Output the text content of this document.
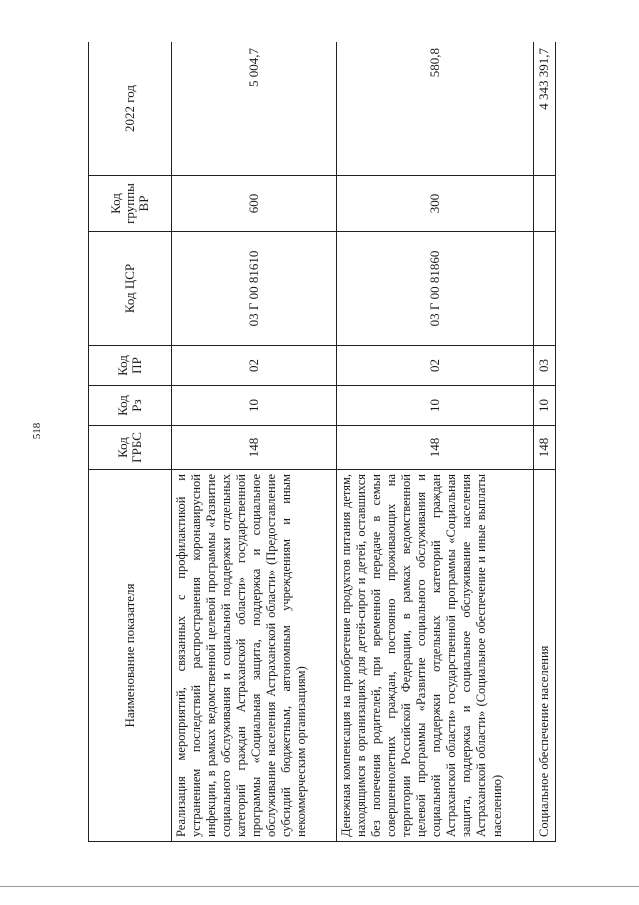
518
Наименование показателя	Код ГРБС	Код Рз	Код ПР	Код ЦСР	Код группы ВР	2022 год
Реализация мероприятий, связанных с профилактикой и устранением последствий распространения коронавирусной инфекции, в рамках ведомственной целевой программы «Развитие социального обслуживания и социальной поддержки отдельных категорий граждан Астраханской области» государственной программы «Социальная защита, поддержка и социальное обслуживание населения Астраханской области» (Предоставление субсидий бюджетным, автономным учреждениям и иным некоммерческим организациям)	148	10	02	03 Г 00 81610	600	5 004,7
Денежная компенсация на приобретение продуктов питания детям, находящимся в организациях для детей-сирот и детей, оставшихся без попечения родителей, при временной передаче в семьи совершеннолетних граждан, постоянно проживающих на территории Российской Федерации, в рамках ведомственной целевой программы «Развитие социального обслуживания и социальной поддержки отдельных категорий граждан Астраханской области» государственной программы «Социальная защита, поддержка и социальное обслуживание населения Астраханской области» (Социальное обеспечение и иные выплаты населению)	148	10	02	03 Г 00 81860	300	580,8
Социальное обеспечение населения	148	10	03			4 343 391,7
